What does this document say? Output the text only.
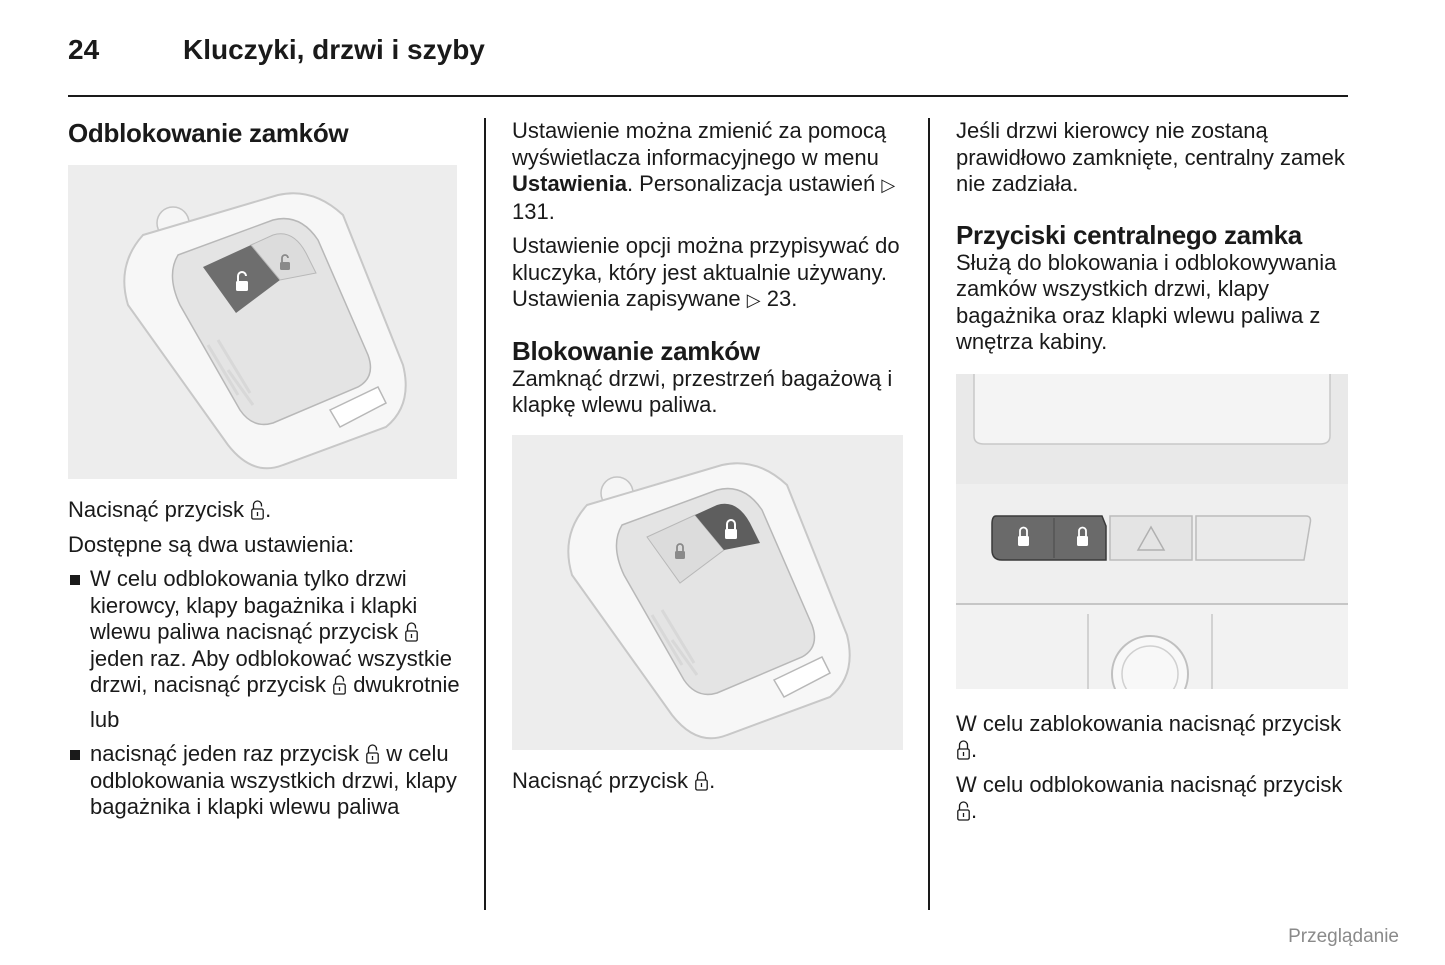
24	Kluczyki, drzwi i szyby
Odblokowanie zamków

Nacisnąć przycisk .

Dostępne są dwa ustawienia:

W celu odblokowania tylko drzwi kierowcy, klapy bagażnika i klapki wlewu paliwa nacisnąć przycisk
jeden raz. Aby odblokować wszystkie drzwi, nacisnąć przycisk dwukrotnie
lub
nacisnąć jeden raz przycisk w celu odblokowania wszystkich drzwi, klapy bagażnika i klapki wlewu paliwa

Ustawienie można zmienić za pomocą wyświetlacza informacyjnego w menu Ustawienia. Personalizacja ustawień ▷ 131.

Ustawienie opcji można przypisywać do kluczyka, który jest aktualnie używany. Ustawienia zapisywane ▷ 23.

Blokowanie zamków

Zamknąć drzwi, przestrzeń bagażową i klapkę wlewu paliwa.

Nacisnąć przycisk .

Jeśli drzwi kierowcy nie zostaną prawidłowo zamknięte, centralny zamek nie zadziała.

Przyciski centralnego zamka

Służą do blokowania i odblokowywania zamków wszystkich drzwi, klapy bagażnika oraz klapki wlewu paliwa z wnętrza kabiny.

W celu zablokowania nacisnąć przycisk
.

W celu odblokowania nacisnąć przycisk
.

Przeglądanie
